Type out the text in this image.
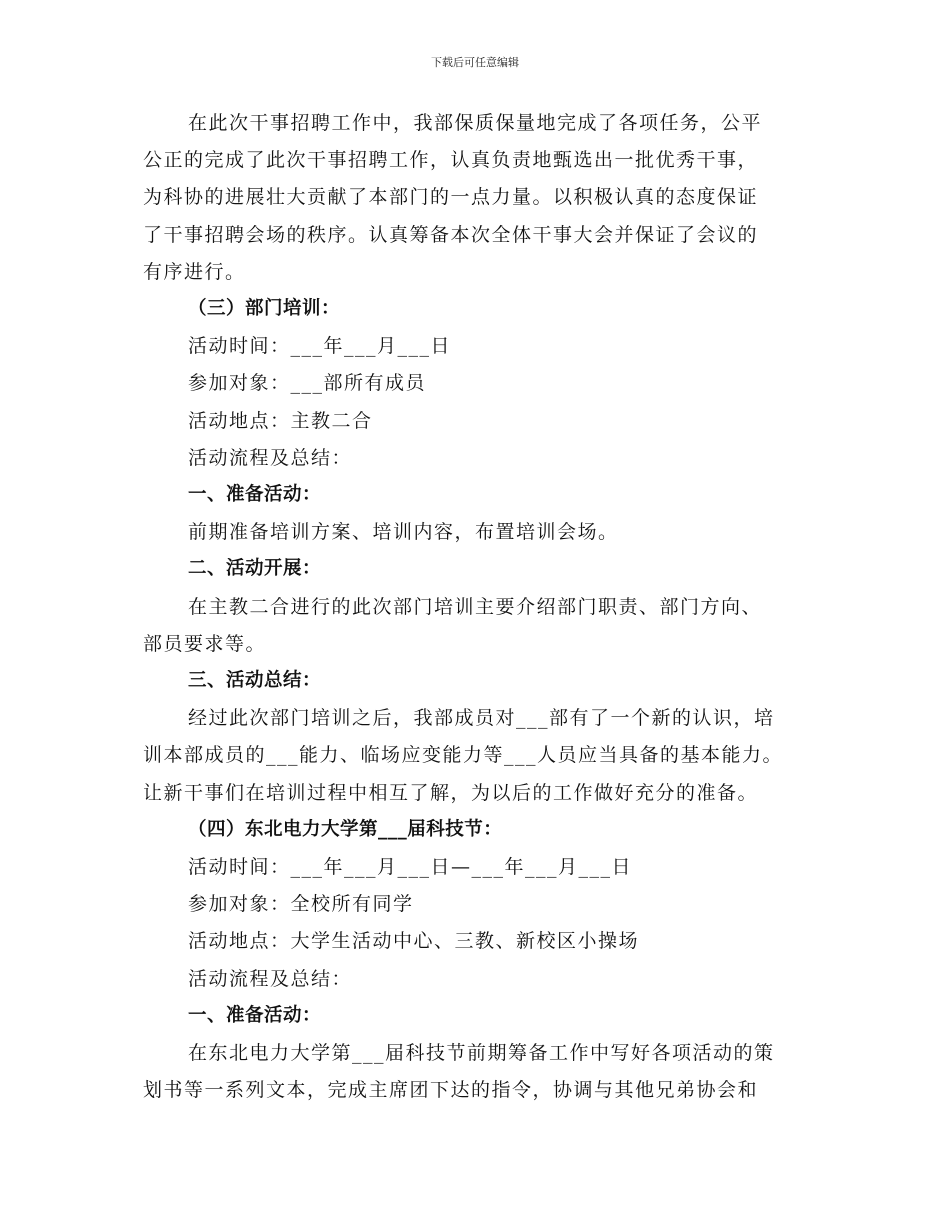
下载后可任意编辑
在此次干事招聘工作中，我部保质保量地完成了各项任务，公平
公正的完成了此次干事招聘工作，认真负责地甄选出一批优秀干事，
为科协的进展壮大贡献了本部门的一点力量。以积极认真的态度保证
了干事招聘会场的秩序。认真筹备本次全体干事大会并保证了会议的
有序进行。
（三）部门培训：
活动时间：___年___月___日
参加对象：___部所有成员
活动地点：主教二合
活动流程及总结：
一、准备活动：
前期准备培训方案、培训内容，布置培训会场。
二、活动开展：
在主教二合进行的此次部门培训主要介绍部门职责、部门方向、
部员要求等。
三、活动总结：
经过此次部门培训之后，我部成员对___部有了一个新的认识，培
训本部成员的___能力、临场应变能力等___人员应当具备的基本能力。
让新干事们在培训过程中相互了解，为以后的工作做好充分的准备。
（四）东北电力大学第___届科技节：
活动时间：___年___月___日—___年___月___日
参加对象：全校所有同学
活动地点：大学生活动中心、三教、新校区小操场
活动流程及总结：
一、准备活动：
在东北电力大学第___届科技节前期筹备工作中写好各项活动的策
划书等一系列文本，完成主席团下达的指令，协调与其他兄弟协会和
